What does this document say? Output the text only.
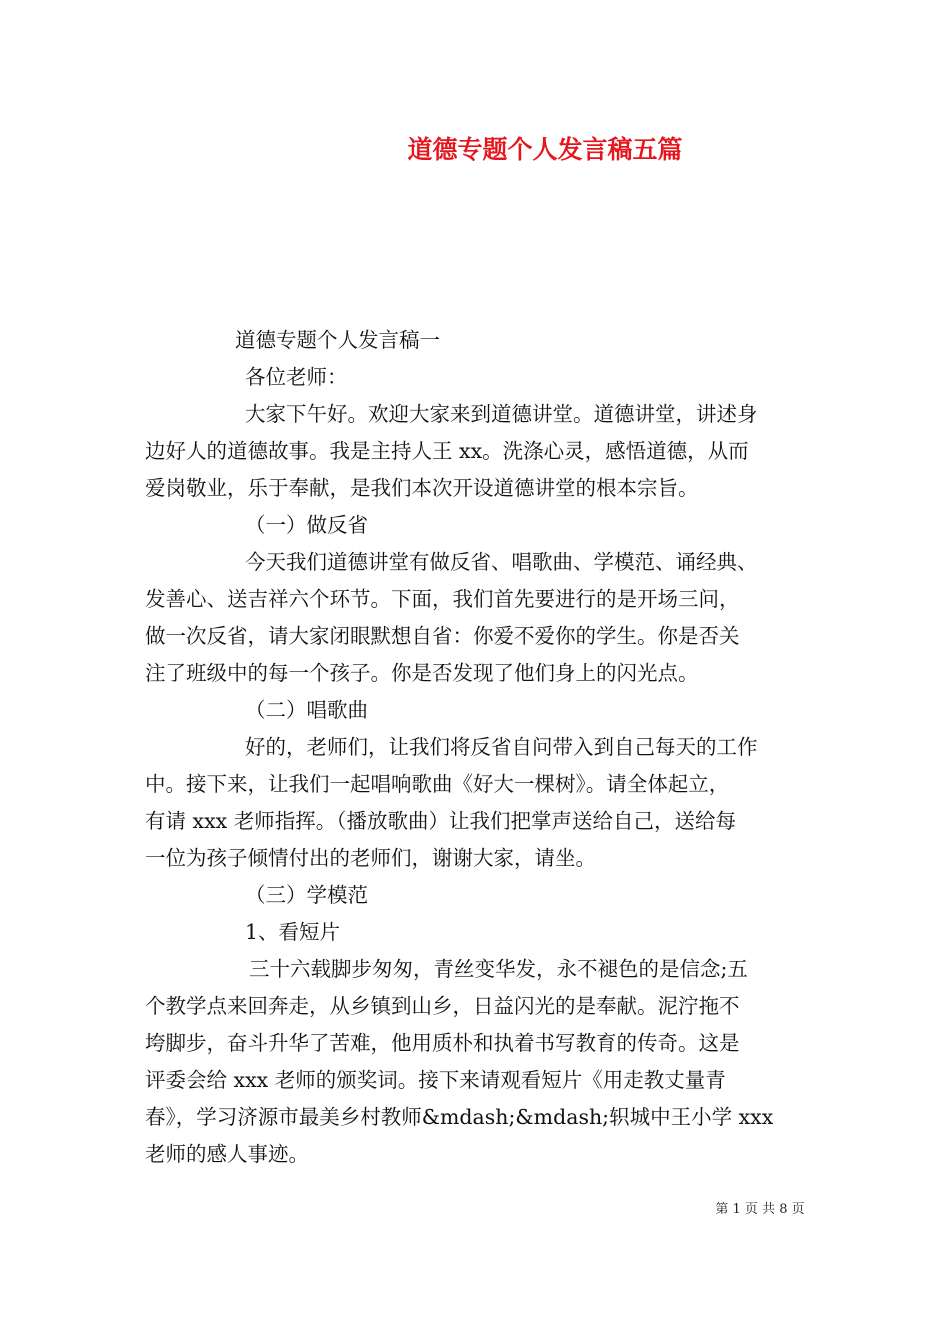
道德专题个人发言稿五篇

道德专题个人发言稿一

各位老师：

大家下午好。欢迎大家来到道德讲堂。道德讲堂，讲述身
边好人的道德故事。我是主持人王 xx。洗涤心灵，感悟道德，从而
爱岗敬业，乐于奉献，是我们本次开设道德讲堂的根本宗旨。

（一）做反省

今天我们道德讲堂有做反省、唱歌曲、学模范、诵经典、
发善心、送吉祥六个环节。下面，我们首先要进行的是开场三问，
做一次反省，请大家闭眼默想自省：你爱不爱你的学生。你是否关
注了班级中的每一个孩子。你是否发现了他们身上的闪光点。

（二）唱歌曲

好的，老师们，让我们将反省自问带入到自己每天的工作
中。接下来，让我们一起唱响歌曲《好大一棵树》。请全体起立，
有请 xxx 老师指挥。（播放歌曲）让我们把掌声送给自己，送给每
一位为孩子倾情付出的老师们，谢谢大家，请坐。

（三）学模范

1、看短片

三十六载脚步匆匆，青丝变华发，永不褪色的是信念;五
个教学点来回奔走，从乡镇到山乡，日益闪光的是奉献。泥泞拖不
垮脚步，奋斗升华了苦难，他用质朴和执着书写教育的传奇。这是
评委会给 xxx 老师的颁奖词。接下来请观看短片《用走教丈量青
春》，学习济源市最美乡村教师&mdash;&mdash;轵城中王小学 xxx
老师的感人事迹。

第 1 页 共 8 页
